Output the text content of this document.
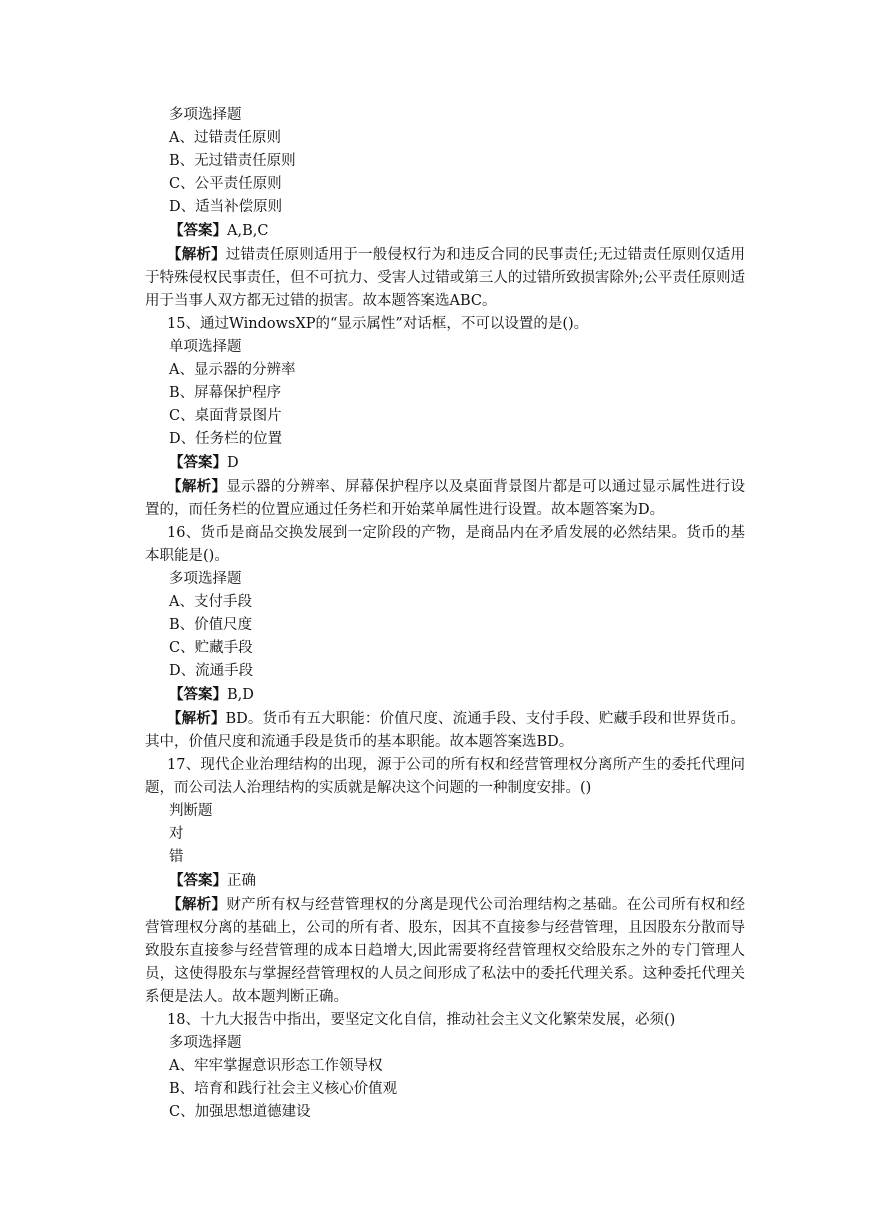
多项选择题
A、过错责任原则
B、无过错责任原则
C、公平责任原则
D、适当补偿原则
【答案】A,B,C
【解析】过错责任原则适用于一般侵权行为和违反合同的民事责任;无过错责任原则仅适用于特殊侵权民事责任，但不可抗力、受害人过错或第三人的过错所致损害除外;公平责任原则适用于当事人双方都无过错的损害。故本题答案选ABC。
15、通过WindowsXP的“显示属性”对话框，不可以设置的是()。
单项选择题
A、显示器的分辨率
B、屏幕保护程序
C、桌面背景图片
D、任务栏的位置
【答案】D
【解析】显示器的分辨率、屏幕保护程序以及桌面背景图片都是可以通过显示属性进行设置的，而任务栏的位置应通过任务栏和开始菜单属性进行设置。故本题答案为D。
16、货币是商品交换发展到一定阶段的产物，是商品内在矛盾发展的必然结果。货币的基本职能是()。
多项选择题
A、支付手段
B、价值尺度
C、贮藏手段
D、流通手段
【答案】B,D
【解析】BD。货币有五大职能：价值尺度、流通手段、支付手段、贮藏手段和世界货币。其中，价值尺度和流通手段是货币的基本职能。故本题答案选BD。
17、现代企业治理结构的出现，源于公司的所有权和经营管理权分离所产生的委托代理问题，而公司法人治理结构的实质就是解决这个问题的一种制度安排。()
判断题
对
错
【答案】正确
【解析】财产所有权与经营管理权的分离是现代公司治理结构之基础。在公司所有权和经营管理权分离的基础上，公司的所有者、股东，因其不直接参与经营管理，且因股东分散而导致股东直接参与经营管理的成本日趋增大,因此需要将经营管理权交给股东之外的专门管理人员，这使得股东与掌握经营管理权的人员之间形成了私法中的委托代理关系。这种委托代理关系便是法人。故本题判断正确。
18、十九大报告中指出，要坚定文化自信，推动社会主义文化繁荣发展，必须()
多项选择题
A、牢牢掌握意识形态工作领导权
B、培育和践行社会主义核心价值观
C、加强思想道德建设
